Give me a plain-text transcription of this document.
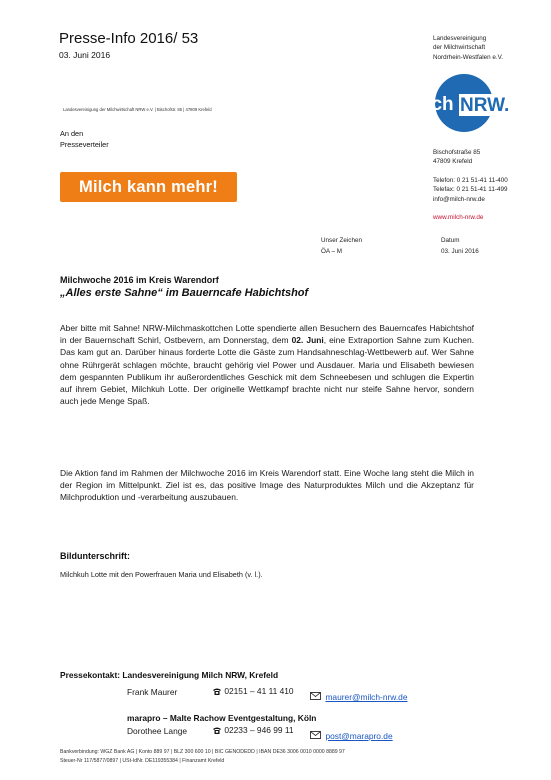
Presse-Info 2016/ 53
03. Juni 2016
Landesvereinigung
der Milchwirtschaft
Nordrhein-Westfalen e.V.
milch NRW.
Landesvereinigung der Milchwirtschaft NRW e.V. | Bischofstr. 85 | 47809 Krefeld
An den
Presseverteiler
Milch kann mehr!
Bischofstraße 85
47809 Krefeld
Telefon: 0 21 51-41 11-400
Telefax: 0 21 51-41 11-499
info@milch-nrw.de
www.milch-nrw.de
Unser Zeichen
ÖA – M
Datum
03. Juni 2016
Milchwoche 2016 im Kreis Warendorf
„Alles erste Sahne“ im Bauerncafe Habichtshof
Aber bitte mit Sahne! NRW-Milchmaskottchen Lotte spendierte allen Besuchern des Bauerncafes Habichtshof in der Bauernschaft Schirl, Ostbevern, am Donnerstag, dem 02. Juni, eine Extraportion Sahne zum Kuchen. Das kam gut an. Darüber hinaus forderte Lotte die Gäste zum Handsahneschlag-Wettbewerb auf. Wer Sahne ohne Rührgerät schlagen möchte, braucht gehörig viel Power und Ausdauer. Maria und Elisabeth bewiesen dem gespannten Publikum ihr außerordentliches Geschick mit dem Schneebesen und schlugen die Expertin auf ihrem Gebiet, Milchkuh Lotte. Der originelle Wettkampf brachte nicht nur steife Sahne hervor, sondern auch jede Menge Spaß.
Die Aktion fand im Rahmen der Milchwoche 2016 im Kreis Warendorf statt. Eine Woche lang steht die Milch in der Region im Mittelpunkt. Ziel ist es, das positive Image des Naturproduktes Milch und die Akzeptanz für Milchproduktion und -verarbeitung auszubauen.
Bildunterschrift:
Milchkuh Lotte mit den Powerfrauen Maria und Elisabeth (v. l.).
Pressekontakt: Landesvereinigung Milch NRW, Krefeld
Frank Maurer	02151 – 41 11 410
maurer@milch-nrw.de
marapro – Malte Rachow Eventgestaltung, Köln
Dorothee Lange	02233 – 946 99 11
post@marapro.de
Bankverbindung: WGZ Bank AG | Konto 889 97 | BLZ 300 600 10 | BIC GENODEDD | IBAN DE36 3006 0010 0000 8889 97
Steuer-Nr 117/5877/0897 | USt-IdNr. DE119355384 | Finanzamt Krefeld
